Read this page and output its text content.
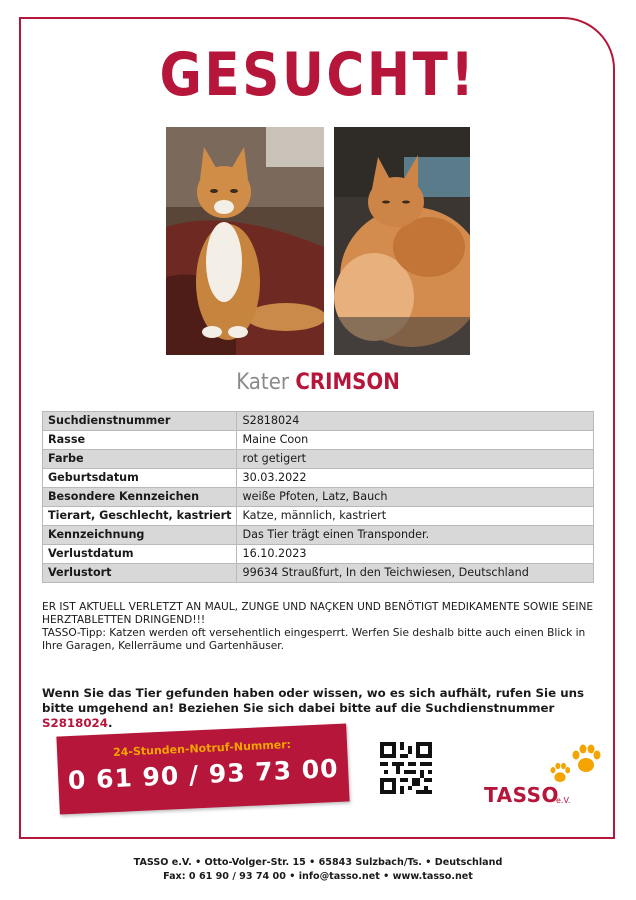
GESUCHT!
Kater CRIMSON
Suchdienstnummer	S2818024
Rasse	Maine Coon
Farbe	rot getigert
Geburtsdatum	30.03.2022
Besondere Kennzeichen	weiße Pfoten, Latz, Bauch
Tierart, Geschlecht, kastriert	Katze, männlich, kastriert
Kennzeichnung	Das Tier trägt einen Transponder.
Verlustdatum	16.10.2023
Verlustort	99634 Straußfurt, In den Teichwiesen, Deutschland

ER IST AKTUELL VERLETZT AN MAUL, ZUNGE UND NAÇKEN UND BENÖTIGT MEDIKAMENTE SOWIE SEINE HERZTABLETTEN DRINGEND!!!

TASSO-Tipp: Katzen werden oft versehentlich eingesperrt. Werfen Sie deshalb bitte auch einen Blick in Ihre Garagen, Kellerräume und Gartenhäuser.

Wenn Sie das Tier gefunden haben oder wissen, wo es sich aufhält, rufen Sie uns bitte umgehend an! Beziehen Sie sich dabei bitte auf die Suchdienstnummer S2818024.
24-Stunden-Notruf-Nummer:
0 61 90 / 93 73 00	TASSO
e.V.
TASSO e.V. • Otto-Volger-Str. 15 • 65843 Sulzbach/Ts. • Deutschland
Fax: 0 61 90 / 93 74 00 • info@tasso.net • www.tasso.net
